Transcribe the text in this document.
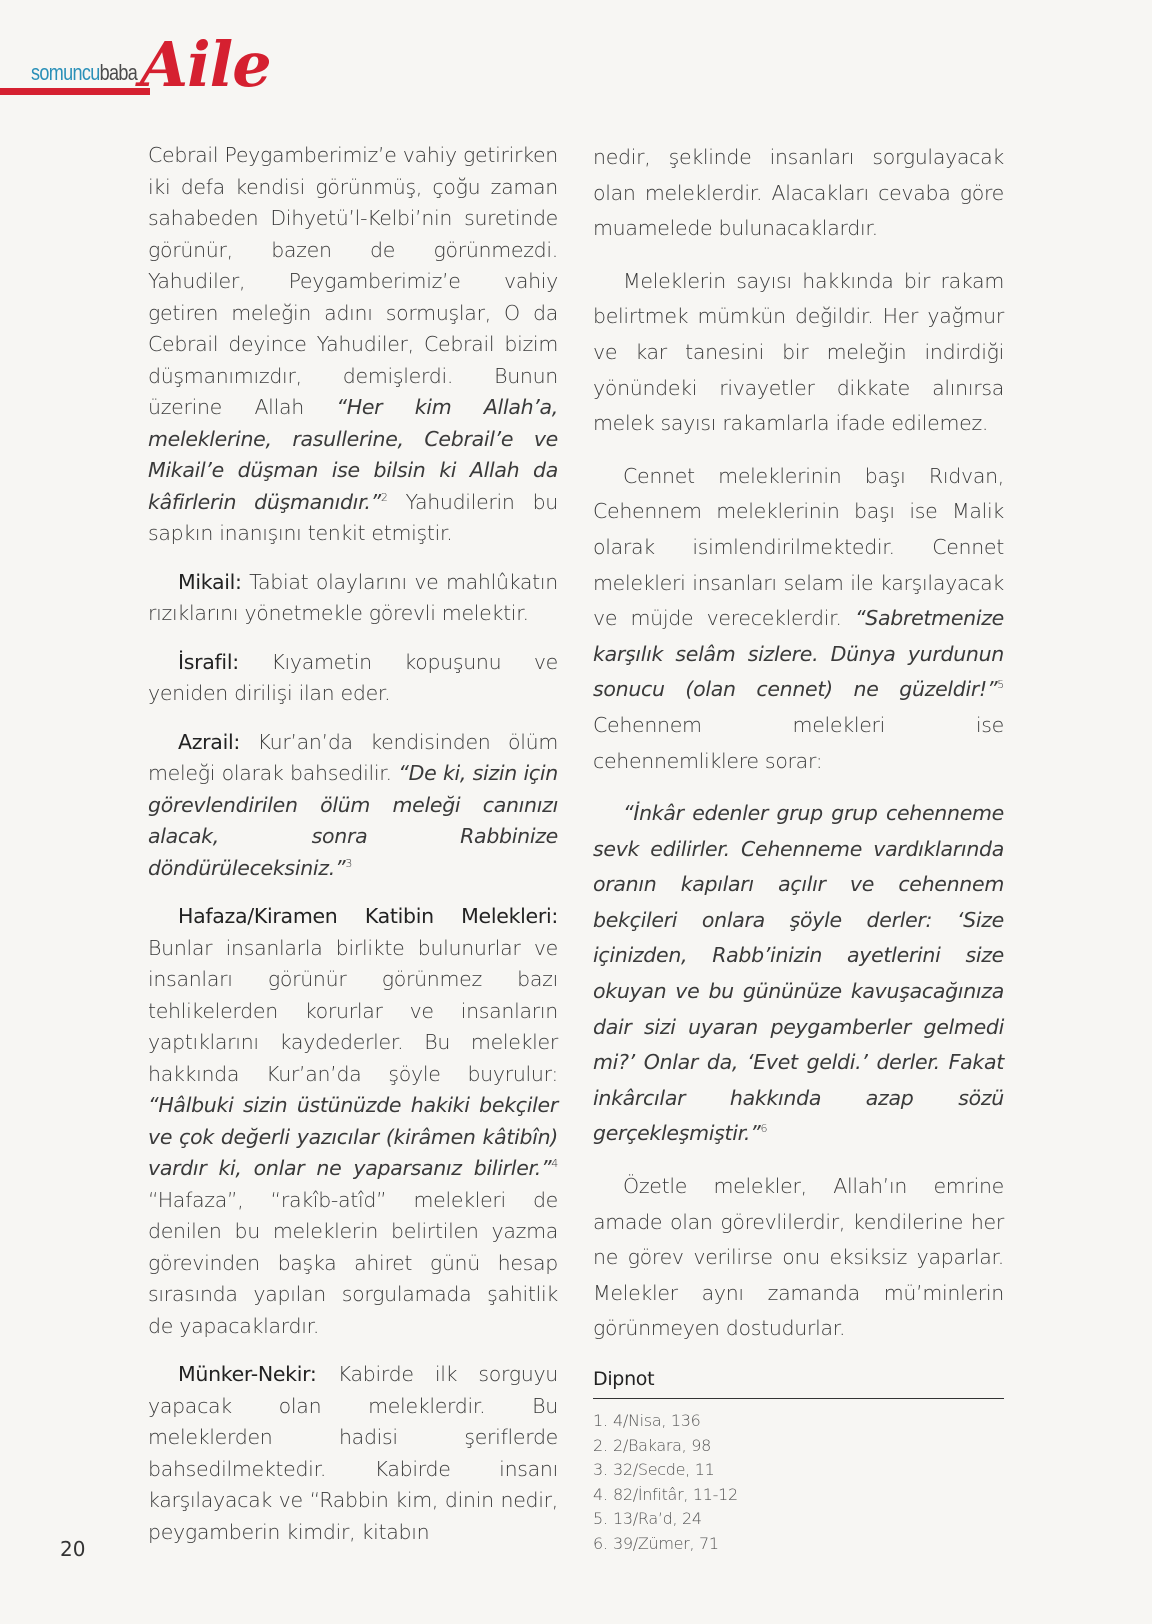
somuncubaba Aile

Cebrail Peygamberimiz’e vahiy getirirken iki defa kendisi görünmüş, çoğu zaman sahabeden Dihyetü’l-Kelbi’nin suretinde görünür, bazen de görünmezdi. Yahudiler, Peygamberimiz’e vahiy getiren meleğin adını sormuşlar, O da Cebrail deyince Yahudiler, Cebrail bizim düşmanımızdır, demişlerdi. Bunun üzerine Allah “Her kim Allah’a, meleklerine, rasullerine, Cebrail’e ve Mikail’e düşman ise bilsin ki Allah da kâfirlerin düşmanıdır.”$^2$ Yahudilerin bu sapkın inanışını tenkit etmiştir.

Mikail: Tabiat olaylarını ve mahlûkatın rızıklarını yönetmekle görevli melektir.

İsrafil: Kıyametin kopuşunu ve yeniden dirilişi ilan eder.

Azrail: Kur’an’da kendisinden ölüm meleği olarak bahsedilir. “De ki, sizin için görevlendirilen ölüm meleği canınızı alacak, sonra Rabbinize döndürüleceksiniz.”$^3$

Hafaza/Kiramen Katibin Melekleri: Bunlar insanlarla birlikte bulunurlar ve insanları görünür görünmez bazı tehlikelerden korurlar ve insanların yaptıklarını kaydederler. Bu melekler hakkında Kur’an’da şöyle buyrulur: “Hâlbuki sizin üstünüzde hakiki bekçiler ve çok değerli yazıcılar (kirâmen kâtibîn) vardır ki, onlar ne yaparsanız bilirler.”$^4$ “Hafaza”, “rakîb-atîd” melekleri de denilen bu meleklerin belirtilen yazma görevinden başka ahiret günü hesap sırasında yapılan sorgulamada şahitlik de yapacaklardır.

Münker-Nekir: Kabirde ilk sorguyu yapacak olan meleklerdir. Bu meleklerden hadisi şeriflerde bahsedilmektedir. Kabirde insanı karşılayacak ve “Rabbin kim, dinin nedir, peygamberin kimdir, kitabın

nedir, şeklinde insanları sorgulayacak olan meleklerdir. Alacakları cevaba göre muamelede bulunacaklardır.

Meleklerin sayısı hakkında bir rakam belirtmek mümkün değildir. Her yağmur ve kar tanesini bir meleğin indirdiği yönündeki rivayetler dikkate alınırsa melek sayısı rakamlarla ifade edilemez.

Cennet meleklerinin başı Rıdvan, Cehennem meleklerinin başı ise Malik olarak isimlendirilmektedir. Cennet melekleri insanları selam ile karşılayacak ve müjde vereceklerdir. “Sabretmenize karşılık selâm sizlere. Dünya yurdunun sonucu (olan cennet) ne güzeldir!”$^5$ Cehennem melekleri ise cehennemliklere sorar:

“İnkâr edenler grup grup cehenneme sevk edilirler. Cehenneme vardıklarında oranın kapıları açılır ve cehennem bekçileri onlara şöyle derler: ‘Size içinizden, Rabb’inizin ayetlerini size okuyan ve bu gününüze kavuşacağınıza dair sizi uyaran peygamberler gelmedi mi?’ Onlar da, ‘Evet geldi.’ derler. Fakat inkârcılar hakkında azap sözü gerçekleşmiştir.”$^6$

Özetle melekler, Allah’ın emrine amade olan görevlilerdir, kendilerine her ne görev verilirse onu eksiksiz yaparlar. Melekler aynı zamanda mü’minlerin görünmeyen dostudurlar.

Dipnot
1. 4/Nisa, 136
2. 2/Bakara, 98
3. 32/Secde, 11
4. 82/İnfitâr, 11-12
5. 13/Ra’d, 24
6. 39/Zümer, 71
20
